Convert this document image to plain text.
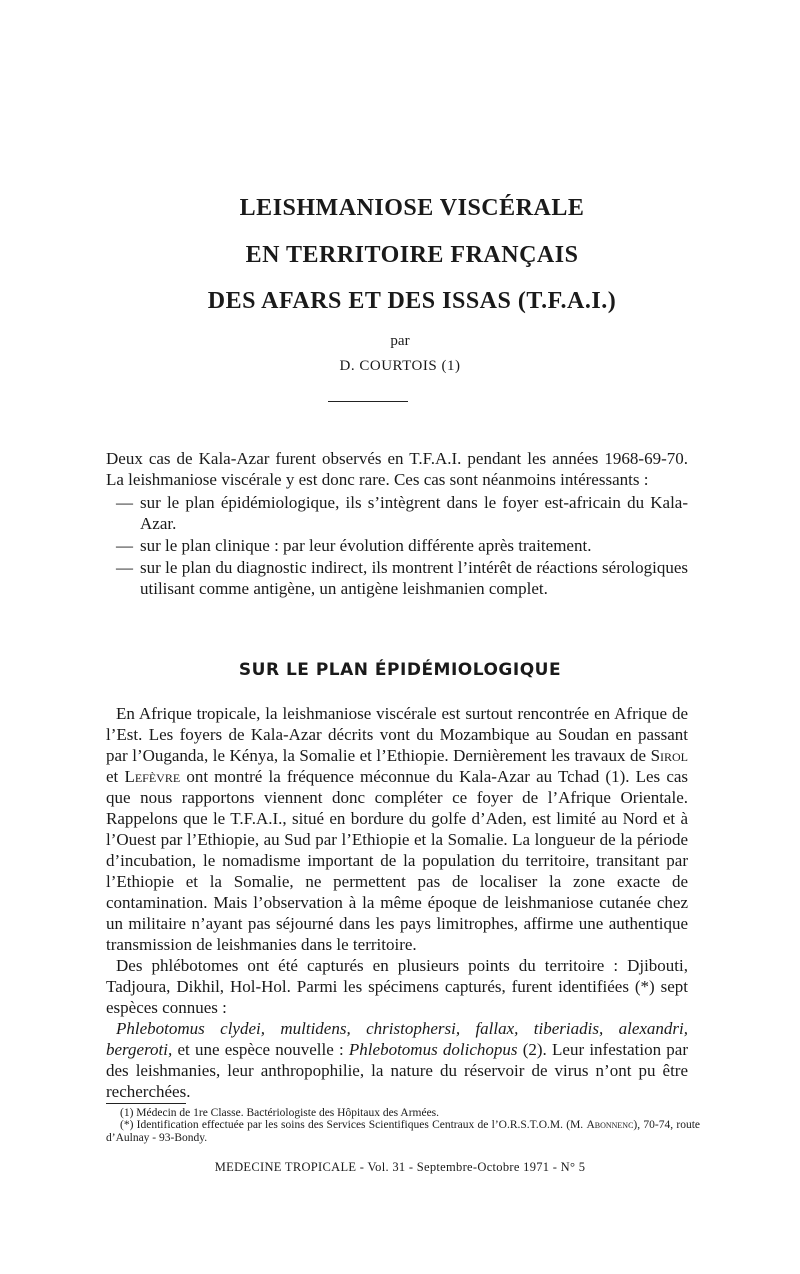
LEISHMANIOSE VISCÉRALE
EN TERRITOIRE FRANÇAIS
DES AFARS ET DES ISSAS (T.F.A.I.)
par
D. COURTOIS (1)

Deux cas de Kala-Azar furent observés en T.F.A.I. pendant les années 1968-69-70. La leishmaniose viscérale y est donc rare. Ces cas sont néanmoins intéressants :

— sur le plan épidémiologique, ils s’intègrent dans le foyer est-africain du Kala-Azar.
— sur le plan clinique : par leur évolution différente après traitement.
— sur le plan du diagnostic indirect, ils montrent l’intérêt de réactions sérologiques utilisant comme antigène, un antigène leishmanien complet.
SUR LE PLAN ÉPIDÉMIOLOGIQUE

En Afrique tropicale, la leishmaniose viscérale est surtout rencontrée en Afrique de l’Est. Les foyers de Kala-Azar décrits vont du Mozambique au Soudan en passant par l’Ouganda, le Kénya, la Somalie et l’Ethiopie. Dernièrement les travaux de Sirol et Lefèvre ont montré la fréquence méconnue du Kala-Azar au Tchad (1). Les cas que nous rapportons viennent donc compléter ce foyer de l’Afrique Orientale. Rappelons que le T.F.A.I., situé en bordure du golfe d’Aden, est limité au Nord et à l’Ouest par l’Ethiopie, au Sud par l’Ethiopie et la Somalie. La longueur de la période d’incubation, le nomadisme important de la population du territoire, transitant par l’Ethiopie et la Somalie, ne permettent pas de localiser la zone exacte de contamination. Mais l’observation à la même époque de leishmaniose cutanée chez un militaire n’ayant pas séjourné dans les pays limitrophes, affirme une authentique transmission de leishmanies dans le territoire.

Des phlébotomes ont été capturés en plusieurs points du territoire : Djibouti, Tadjoura, Dikhil, Hol-Hol. Parmi les spécimens capturés, furent identifiées (*) sept espèces connues :

Phlebotomus clydei, multidens, christophersi, fallax, tiberiadis, alexandri, bergeroti, et une espèce nouvelle : Phlebotomus dolichopus (2). Leur infestation par des leishmanies, leur anthropophilie, la nature du réservoir de virus n’ont pu être recherchées.

(1) Médecin de 1re Classe. Bactériologiste des Hôpitaux des Armées.
(*) Identification effectuée par les soins des Services Scientifiques Centraux de l’O.R.S.T.O.M. (M. Abonnenc), 70-74, route d’Aulnay - 93-Bondy.
MEDECINE TROPICALE - Vol. 31 - Septembre-Octobre 1971 - N° 5
